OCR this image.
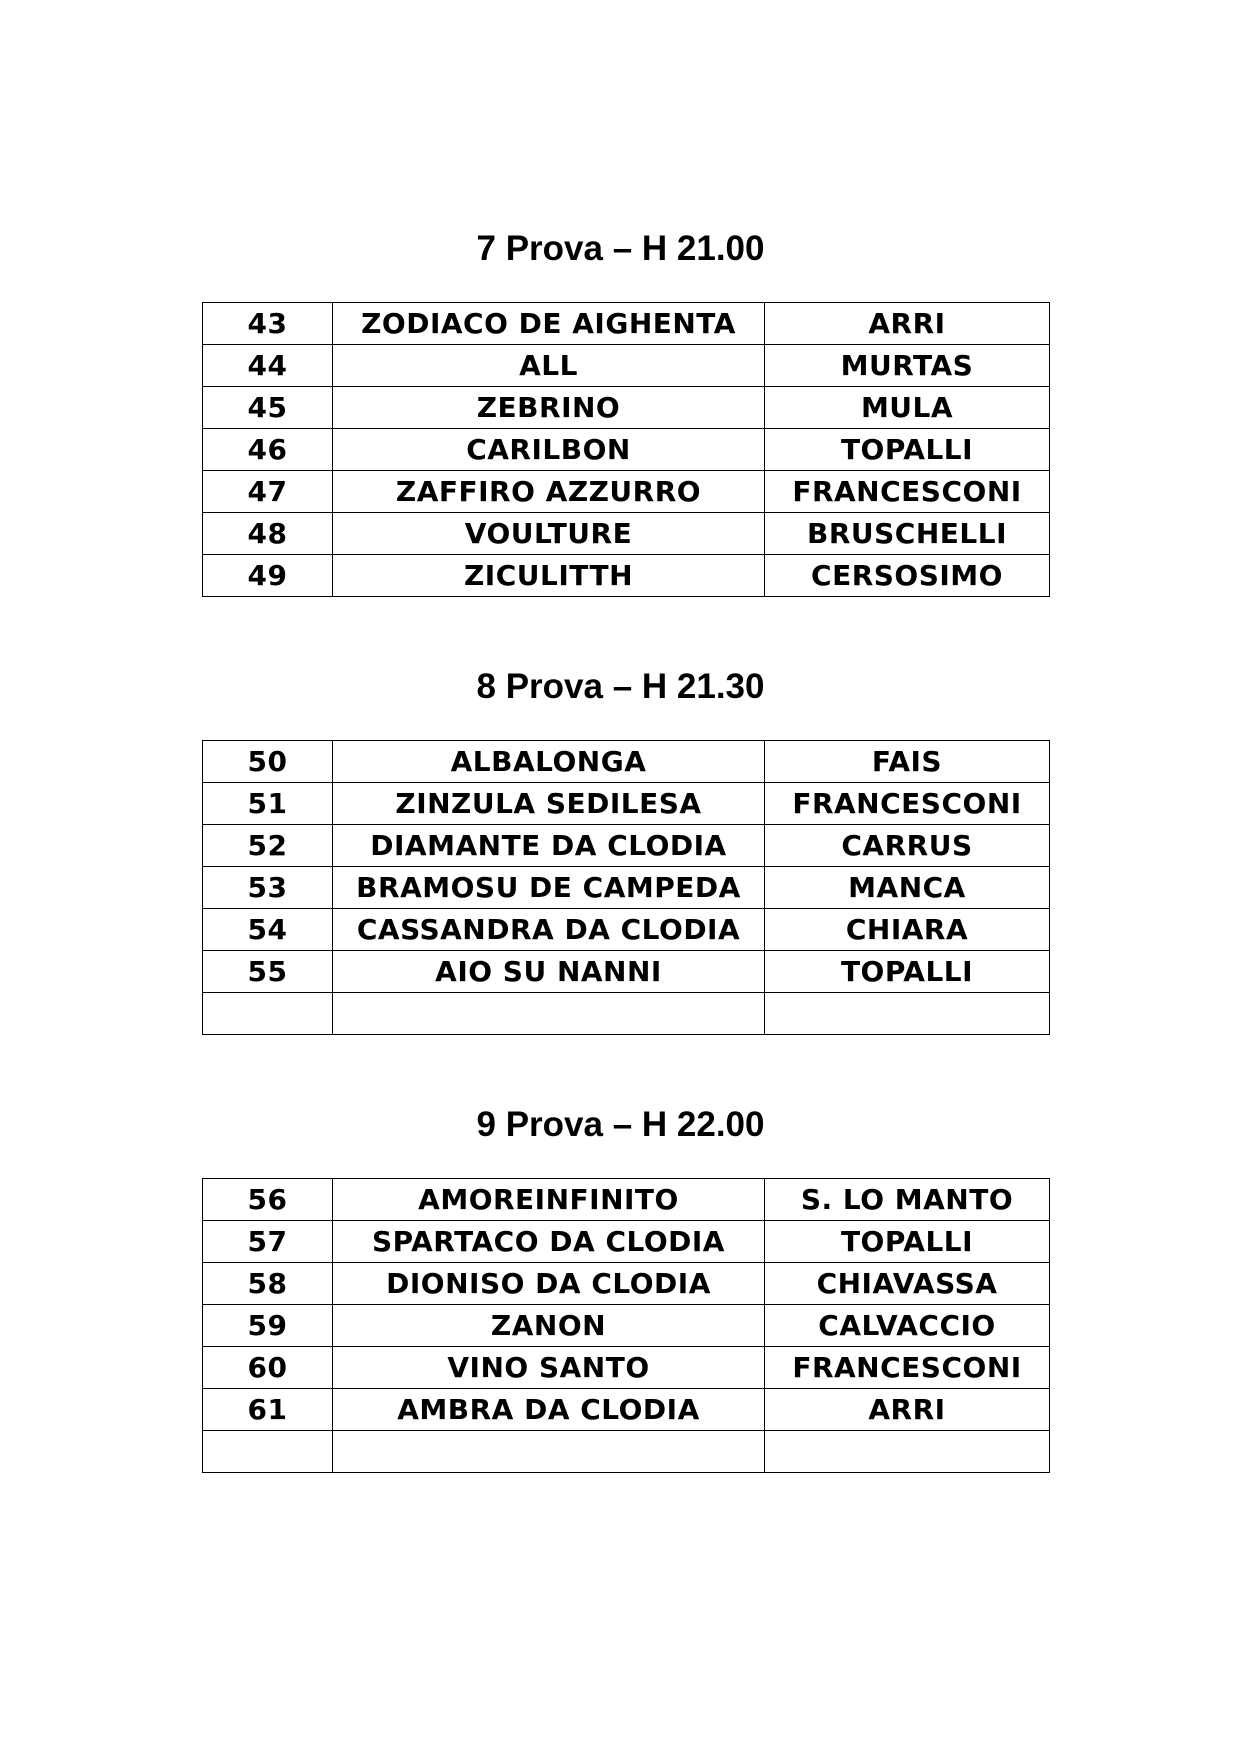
7 Prova – H 21.00
43	ZODIACO DE AIGHENTA	ARRI
44	ALL	MURTAS
45	ZEBRINO	MULA
46	CARILBON	TOPALLI
47	ZAFFIRO AZZURRO	FRANCESCONI
48	VOULTURE	BRUSCHELLI
49	ZICULITTH	CERSOSIMO
8 Prova – H 21.30
50	ALBALONGA	FAIS
51	ZINZULA SEDILESA	FRANCESCONI
52	DIAMANTE DA CLODIA	CARRUS
53	BRAMOSU DE CAMPEDA	MANCA
54	CASSANDRA DA CLODIA	CHIARA
55	AIO SU NANNI	TOPALLI

9 Prova – H 22.00
56	AMOREINFINITO	S. LO MANTO
57	SPARTACO DA CLODIA	TOPALLI
58	DIONISO DA CLODIA	CHIAVASSA
59	ZANON	CALVACCIO
60	VINO SANTO	FRANCESCONI
61	AMBRA DA CLODIA	ARRI
